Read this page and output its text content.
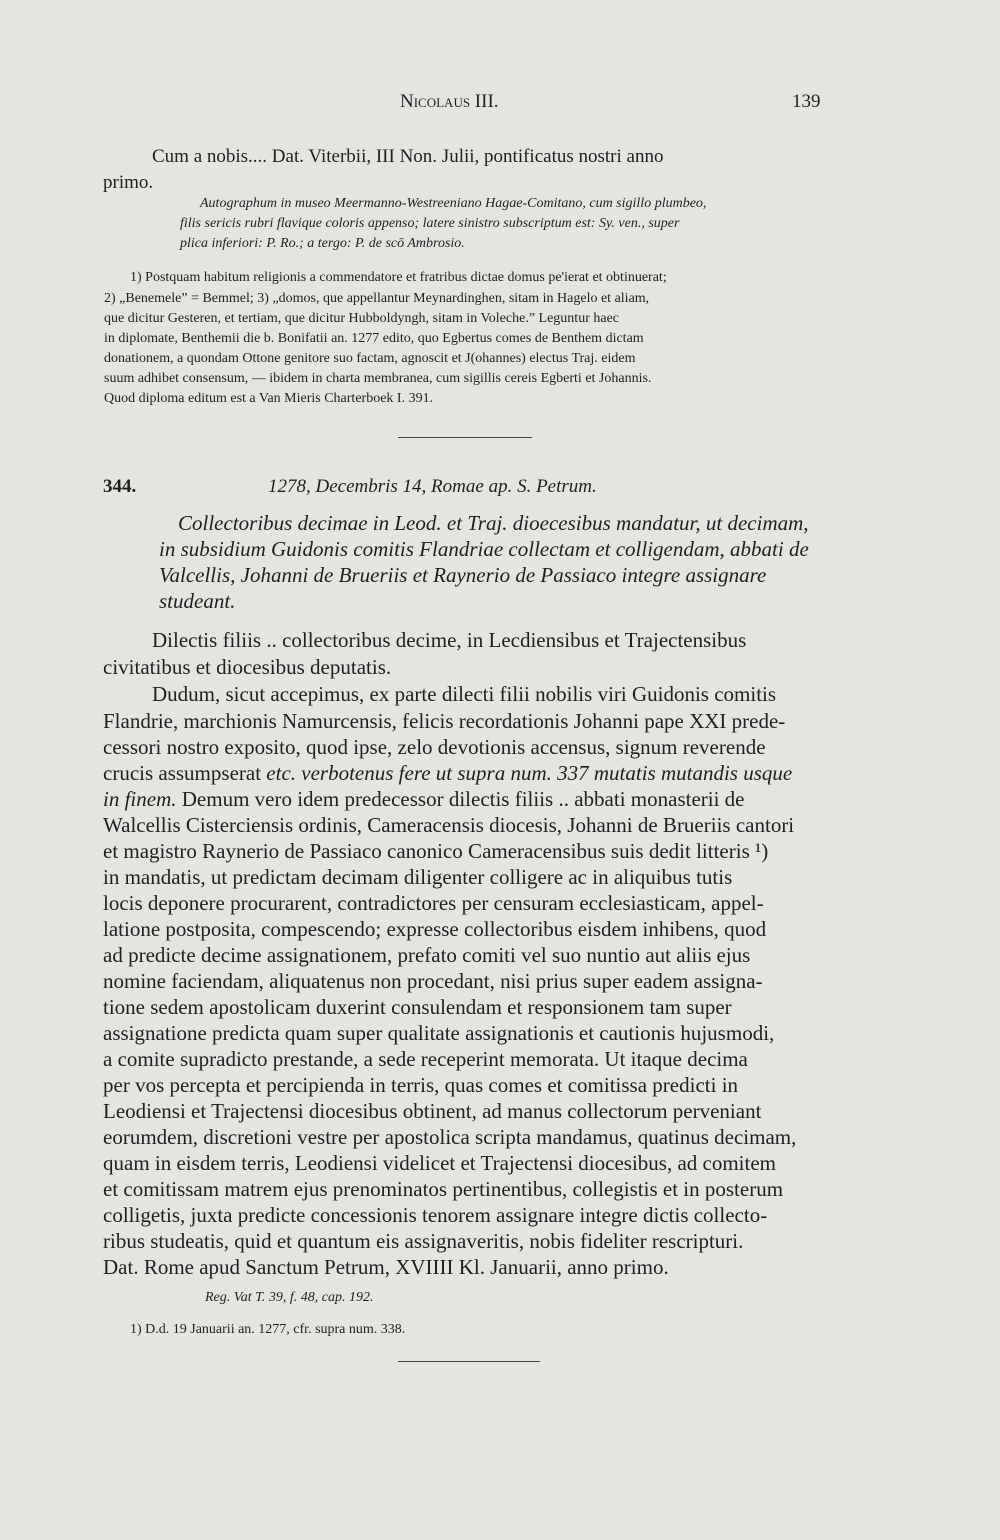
Nicolaus III.	139
Cum a nobis.... Dat. Viterbii, III Non. Julii, pontificatus nostri anno
primo.
Autographum in museo Meermanno-Westreeniano Hagae-Comitano, cum sigillo plumbeo,
filis sericis rubri flavique coloris appenso; latere sinistro subscriptum est: Sy. ven., super
plica inferiori: P. Ro.; a tergo: P. de scō Ambrosio.
1) Postquam habitum religionis a commendatore et fratribus dictae domus pe'ierat et obtinuerat;
2) „Benemele” = Bemmel; 3) „domos, que appellantur Meynardinghen, sitam in Hagelo et aliam,
que dicitur Gesteren, et tertiam, que dicitur Hubboldyngh, sitam in Voleche.” Leguntur haec
in diplomate, Benthemii die b. Bonifatii an. 1277 edito, quo Egbertus comes de Benthem dictam
donationem, a quondam Ottone genitore suo factam, agnoscit et J(ohannes) electus Traj. eidem
suum adhibet consensum, — ibidem in charta membranea, cum sigillis cereis Egberti et Johannis.
Quod diploma editum est a Van Mieris Charterboek I. 391.
344.	1278, Decembris 14, Romae ap. S. Petrum.
Collectoribus decimae in Leod. et Traj. dioecesibus mandatur, ut decimam,
in subsidium Guidonis comitis Flandriae collectam et colligendam, abbati de
Valcellis, Johanni de Brueriis et Raynerio de Passiaco integre assignare
studeant.
Dilectis filiis .. collectoribus decime, in Lecdiensibus et Trajectensibus
civitatibus et diocesibus deputatis.
Dudum, sicut accepimus, ex parte dilecti filii nobilis viri Guidonis comitis
Flandrie, marchionis Namurcensis, felicis recordationis Johanni pape XXI prede-
cessori nostro exposito, quod ipse, zelo devotionis accensus, signum reverende
crucis assumpserat etc. verbotenus fere ut supra num. 337 mutatis mutandis usque
in finem. Demum vero idem predecessor dilectis filiis .. abbati monasterii de
Walcellis Cisterciensis ordinis, Cameracensis diocesis, Johanni de Brueriis cantori
et magistro Raynerio de Passiaco canonico Cameracensibus suis dedit litteris ¹)
in mandatis, ut predictam decimam diligenter colligere ac in aliquibus tutis
locis deponere procurarent, contradictores per censuram ecclesiasticam, appel-
latione postposita, compescendo; expresse collectoribus eisdem inhibens, quod
ad predicte decime assignationem, prefato comiti vel suo nuntio aut aliis ejus
nomine faciendam, aliquatenus non procedant, nisi prius super eadem assigna-
tione sedem apostolicam duxerint consulendam et responsionem tam super
assignatione predicta quam super qualitate assignationis et cautionis hujusmodi,
a comite supradicto prestande, a sede receperint memorata. Ut itaque decima
per vos percepta et percipienda in terris, quas comes et comitissa predicti in
Leodiensi et Trajectensi diocesibus obtinent, ad manus collectorum perveniant
eorumdem, discretioni vestre per apostolica scripta mandamus, quatinus decimam,
quam in eisdem terris, Leodiensi videlicet et Trajectensi diocesibus, ad comitem
et comitissam matrem ejus prenominatos pertinentibus, collegistis et in posterum
colligetis, juxta predicte concessionis tenorem assignare integre dictis collecto-
ribus studeatis, quid et quantum eis assignaveritis, nobis fideliter rescripturi.
Dat. Rome apud Sanctum Petrum, XVIIII Kl. Januarii, anno primo.
Reg. Vat T. 39, f. 48, cap. 192.
1) D.d. 19 Januarii an. 1277, cfr. supra num. 338.
